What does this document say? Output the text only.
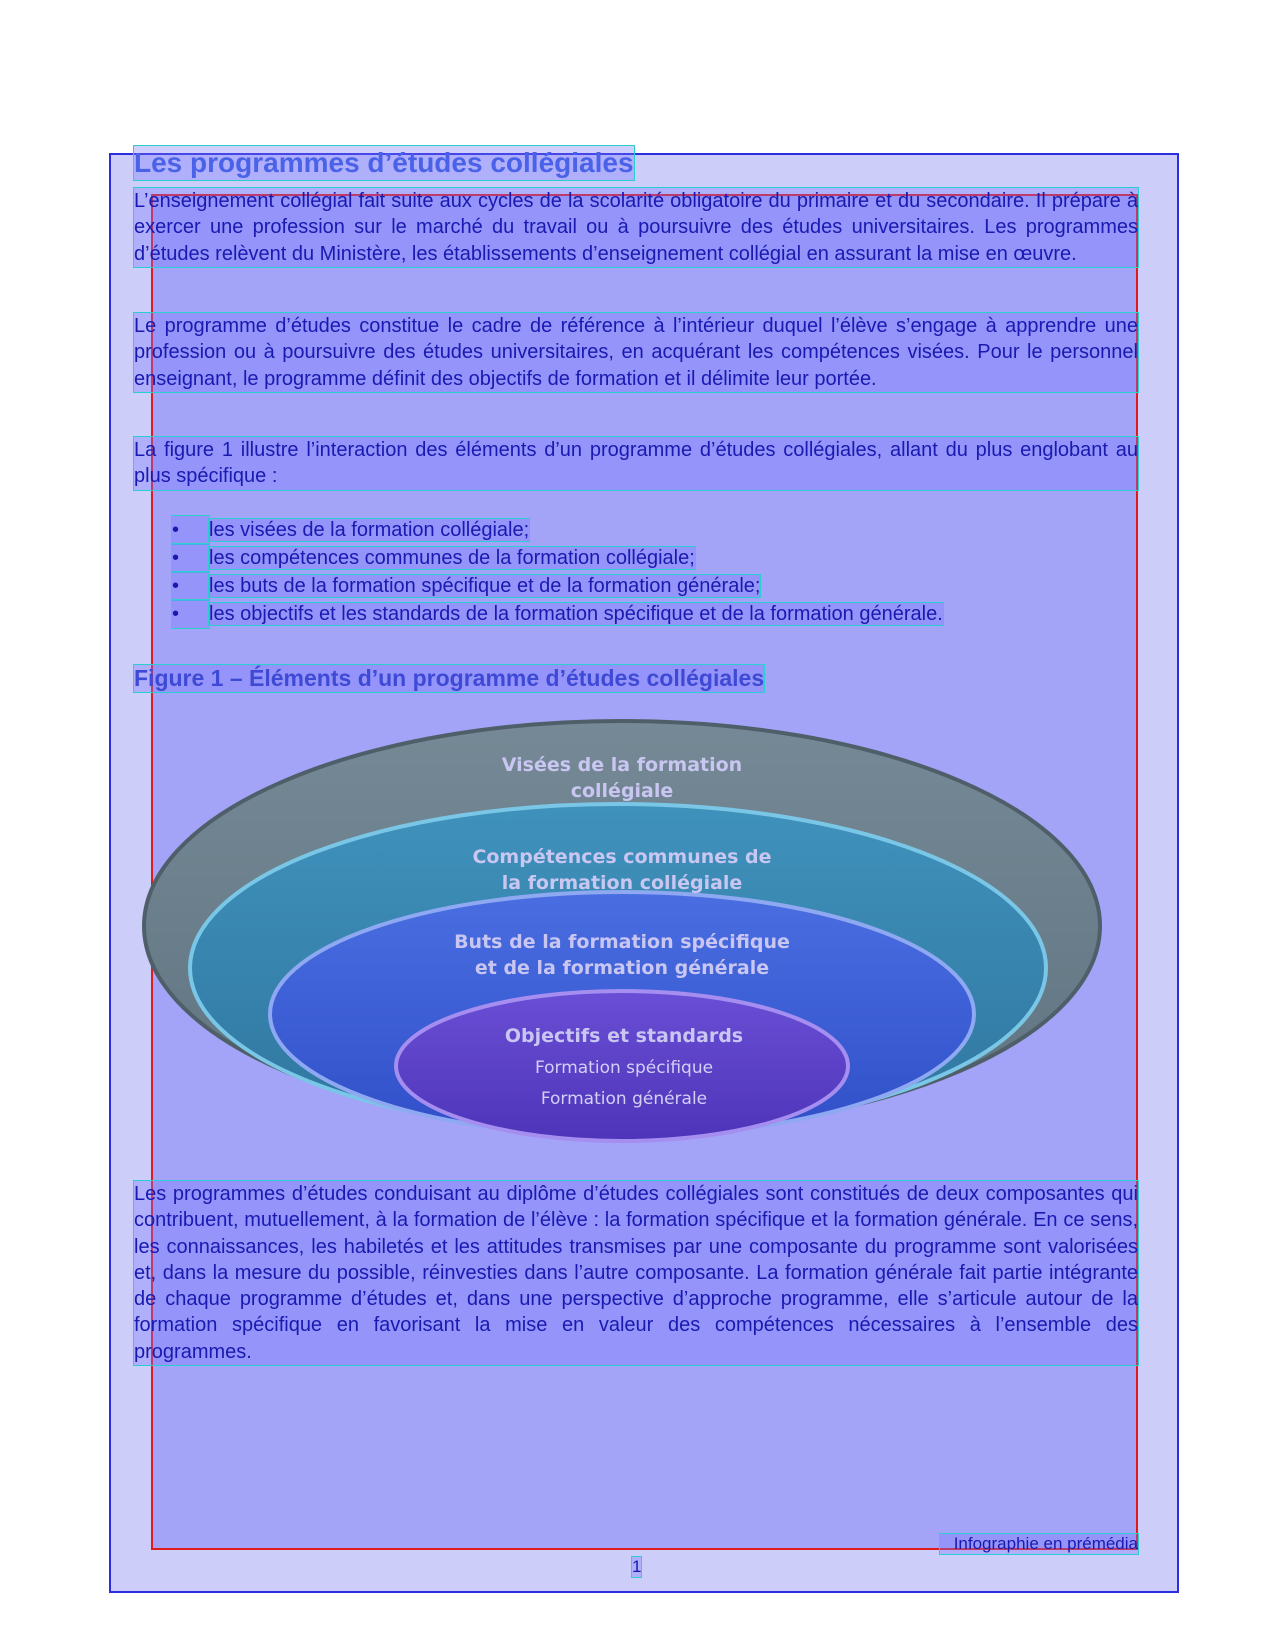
Les programmes d’études collégiales

L’enseignement collégial fait suite aux cycles de la scolarité obligatoire du primaire et du secondaire. Il prépare à exercer une profession sur le marché du travail ou à poursuivre des études universitaires. Les programmes d’études relèvent du Ministère, les établissements d’enseignement collégial en assurant la mise en œuvre.

Le programme d’études constitue le cadre de référence à l’intérieur duquel l’élève s’engage à apprendre une profession ou à poursuivre des études universitaires, en acquérant les compétences visées. Pour le personnel enseignant, le programme définit des objectifs de formation et il délimite leur portée.

La figure 1 illustre l’interaction des éléments d’un programme d’études collégiales, allant du plus englobant au plus spécifique :

• les visées de la formation collégiale;
• les compétences communes de la formation collégiale;
• les buts de la formation spécifique et de la formation générale;
• les objectifs et les standards de la formation spécifique et de la formation générale.
Figure 1 – Éléments d’un programme d’études collégiales
Visées de la formation
collégiale
Compétences communes de
la formation collégiale
Buts de la formation spécifique
et de la formation générale
Objectifs et standards
Formation spécifique
Formation générale

Les programmes d’études conduisant au diplôme d’études collégiales sont constitués de deux composantes qui contribuent, mutuellement, à la formation de l’élève : la formation spécifique et la formation générale. En ce sens, les connaissances, les habiletés et les attitudes transmises par une composante du programme sont valorisées et, dans la mesure du possible, réinvesties dans l’autre composante. La formation générale fait partie intégrante de chaque programme d’études et, dans une perspective d’approche programme, elle s’articule autour de la formation spécifique en favorisant la mise en valeur des compétences nécessaires à l’ensemble des programmes.

Infographie en prémédia
1
